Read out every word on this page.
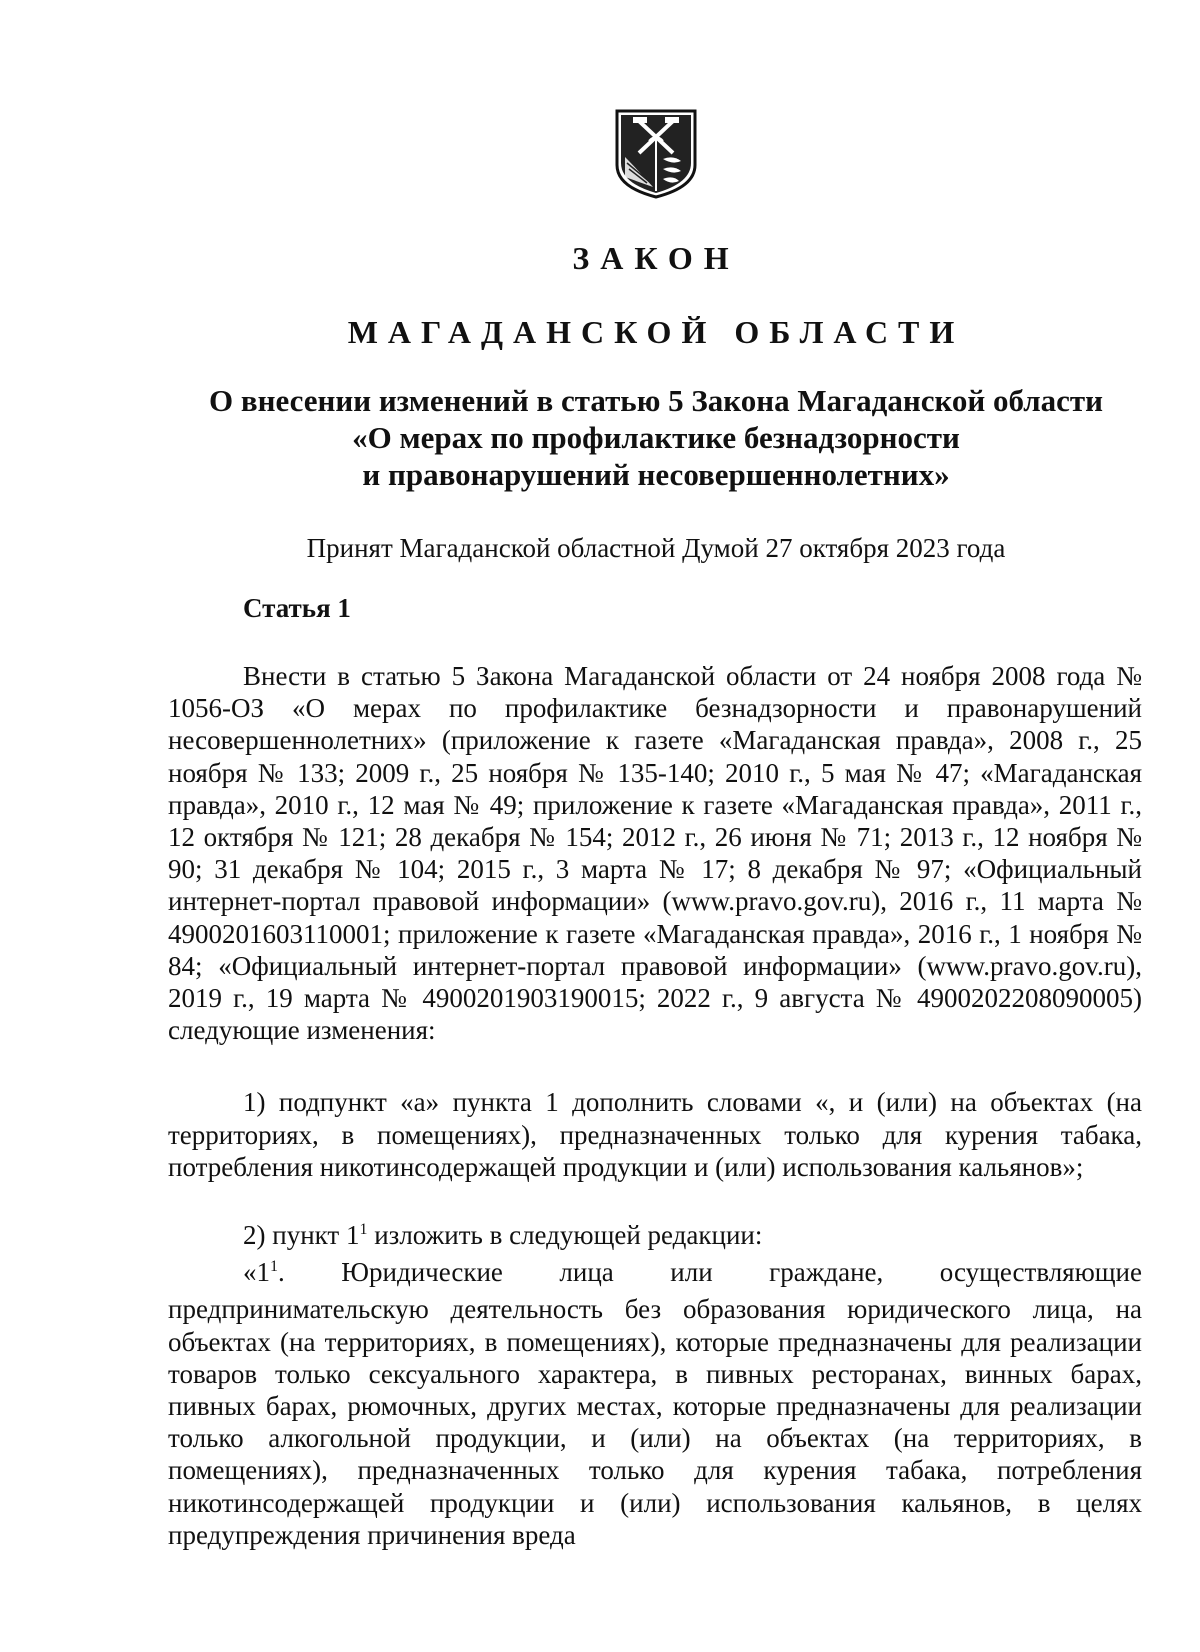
ЗАКОН
МАГАДАНСКОЙ ОБЛАСТИ
О внесении изменений в статью 5 Закона Магаданской области
«О мерах по профилактике безнадзорности
и правонарушений несовершеннолетних»
Принят Магаданской областной Думой 27 октября 2023 года
Статья 1

Внести в статью 5 Закона Магаданской области от 24 ноября 2008 года № 1056-ОЗ «О мерах по профилактике безнадзорности и правонарушений несовершеннолетних» (приложение к газете «Магаданская правда», 2008 г., 25 ноября № 133; 2009 г., 25 ноября № 135-140; 2010 г., 5 мая № 47; «Магаданская правда», 2010 г., 12 мая № 49; приложение к газете «Магаданская правда», 2011 г., 12 октября № 121; 28 декабря № 154; 2012 г., 26 июня № 71; 2013 г., 12 ноября № 90; 31 декабря № 104; 2015 г., 3 марта № 17; 8 декабря № 97; «Официальный интернет-портал правовой информации» (www.pravo.gov.ru), 2016 г., 11 марта № 4900201603110001; приложение к газете «Магаданская правда», 2016 г., 1 ноября № 84; «Официальный интернет-портал правовой информации» (www.pravo.gov.ru), 2019 г., 19 марта № 4900201903190015; 2022 г., 9 августа № 4900202208090005) следующие изменения:

1) подпункт «а» пункта 1 дополнить словами «, и (или) на объектах (на территориях, в помещениях), предназначенных только для курения табака, потребления никотинсодержащей продукции и (или) использования кальянов»;

2) пункт $1^1$ изложить в следующей редакции:

«$1^1$. Юридические лица или граждане, осуществляющие предпринимательскую деятельность без образования юридического лица, на объектах (на территориях, в помещениях), которые предназначены для реализации товаров только сексуального характера, в пивных ресторанах, винных барах, пивных барах, рюмочных, других местах, которые предназначены для реализации только алкогольной продукции, и (или) на объектах (на территориях, в помещениях), предназначенных только для курения табака, потребления никотинсодержащей продукции и (или) использования кальянов, в целях предупреждения причинения вреда
